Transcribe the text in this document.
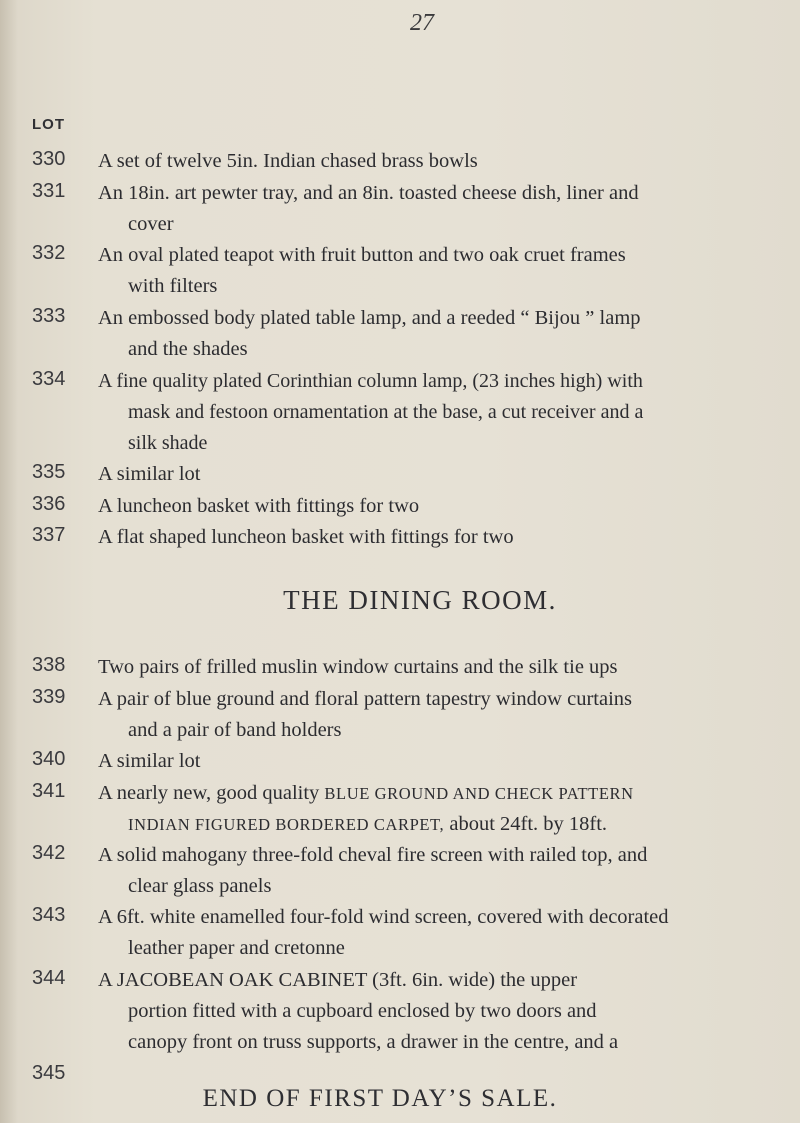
27
LOT
330	A set of twelve 5in. Indian chased brass bowls
331	An 18in. art pewter tray, and an 8in. toasted cheese dish, liner and
cover
332	An oval plated teapot with fruit button and two oak cruet frames
with filters
333	An embossed body plated table lamp, and a reeded “ Bijou ” lamp
and the shades
334	A fine quality plated Corinthian column lamp, (23 inches high) with
mask and festoon ornamentation at the base, a cut receiver and a
silk shade
335	A similar lot
336	A luncheon basket with fittings for two
337	A flat shaped luncheon basket with fittings for two
THE DINING ROOM.
338	Two pairs of frilled muslin window curtains and the silk tie ups
339	A pair of blue ground and floral pattern tapestry window curtains
and a pair of band holders
340	A similar lot
341	A nearly new, good quality BLUE GROUND AND CHECK PATTERN
INDIAN FIGURED BORDERED CARPET, about 24ft. by 18ft.
342	A solid mahogany three-fold cheval fire screen with railed top, and
clear glass panels
343	A 6ft. white enamelled four-fold wind screen, covered with decorated
leather paper and cretonne
344	A JACOBEAN OAK CABINET (3ft. 6in. wide) the upper
portion fitted with a cupboard enclosed by two doors and
canopy front on truss supports, a drawer in the centre, and a
345
END OF FIRST DAY’S SALE.
